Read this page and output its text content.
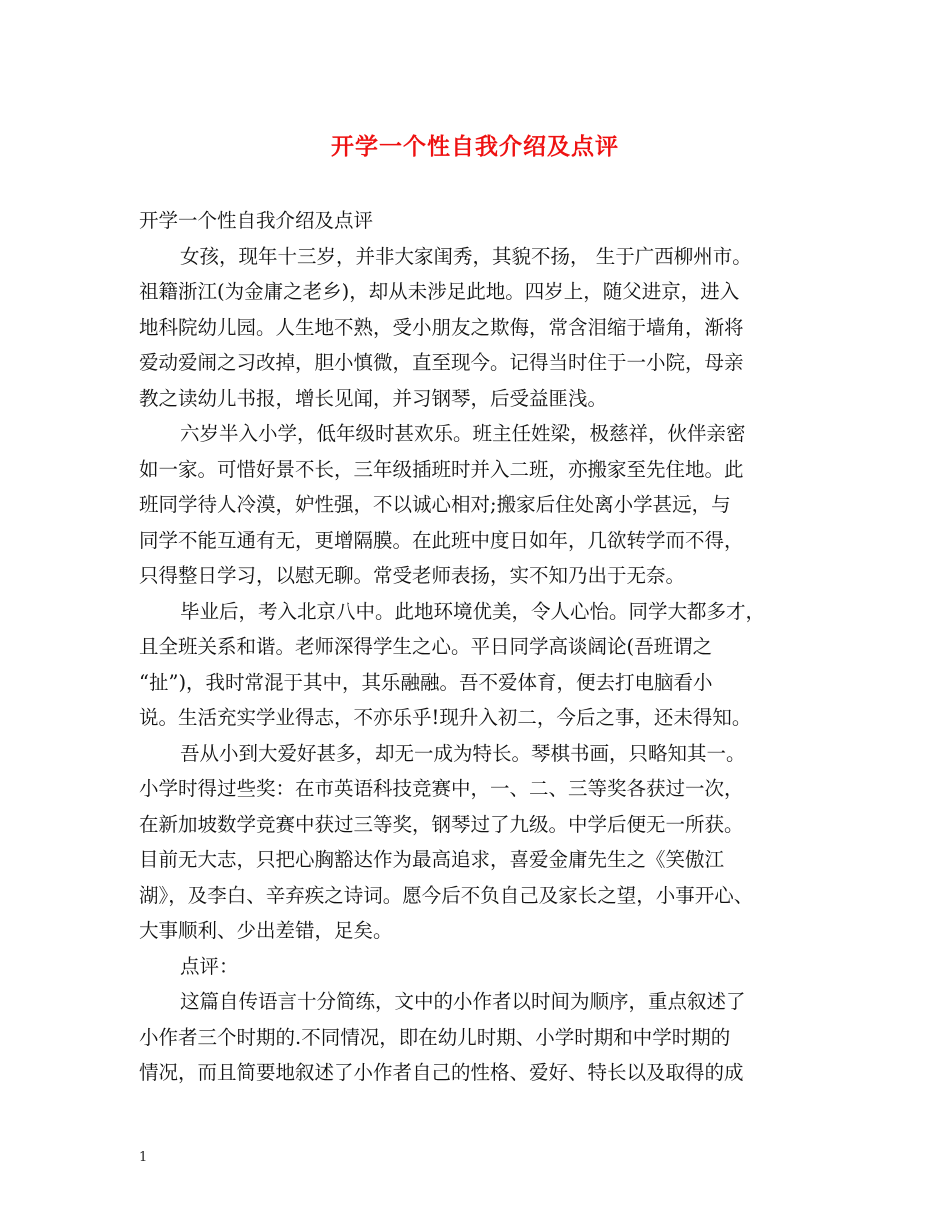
开学一个性自我介绍及点评

开学一个性自我介绍及点评

女孩，现年十三岁，并非大家闺秀，其貌不扬， 生于广西柳州市。

祖籍浙江(为金庸之老乡)，却从未涉足此地。四岁上，随父进京，进入

地科院幼儿园。人生地不熟，受小朋友之欺侮，常含泪缩于墙角，渐将

爱动爱闹之习改掉，胆小慎微，直至现今。记得当时住于一小院，母亲

教之读幼儿书报，增长见闻，并习钢琴，后受益匪浅。

六岁半入小学，低年级时甚欢乐。班主任姓梁，极慈祥，伙伴亲密

如一家。可惜好景不长，三年级插班时并入二班，亦搬家至先住地。此

班同学待人冷漠，妒性强，不以诚心相对;搬家后住处离小学甚远，与

同学不能互通有无，更增隔膜。在此班中度日如年，几欲转学而不得，

只得整日学习，以慰无聊。常受老师表扬，实不知乃出于无奈。

毕业后，考入北京八中。此地环境优美，令人心怡。同学大都多才，

且全班关系和谐。老师深得学生之心。平日同学高谈阔论(吾班谓之

“扯”)，我时常混于其中，其乐融融。吾不爱体育，便去打电脑看小

说。生活充实学业得志，不亦乐乎!现升入初二，今后之事，还未得知。

吾从小到大爱好甚多，却无一成为特长。琴棋书画，只略知其一。

小学时得过些奖：在市英语科技竞赛中，一、二、三等奖各获过一次，

在新加坡数学竞赛中获过三等奖，钢琴过了九级。中学后便无一所获。

目前无大志，只把心胸豁达作为最高追求，喜爱金庸先生之《笑傲江

湖》，及李白、辛弃疾之诗词。愿今后不负自己及家长之望，小事开心、

大事顺利、少出差错，足矣。

点评：

这篇自传语言十分简练，文中的小作者以时间为顺序，重点叙述了

小作者三个时期的.不同情况，即在幼儿时期、小学时期和中学时期的

情况，而且简要地叙述了小作者自己的性格、爱好、特长以及取得的成

1
